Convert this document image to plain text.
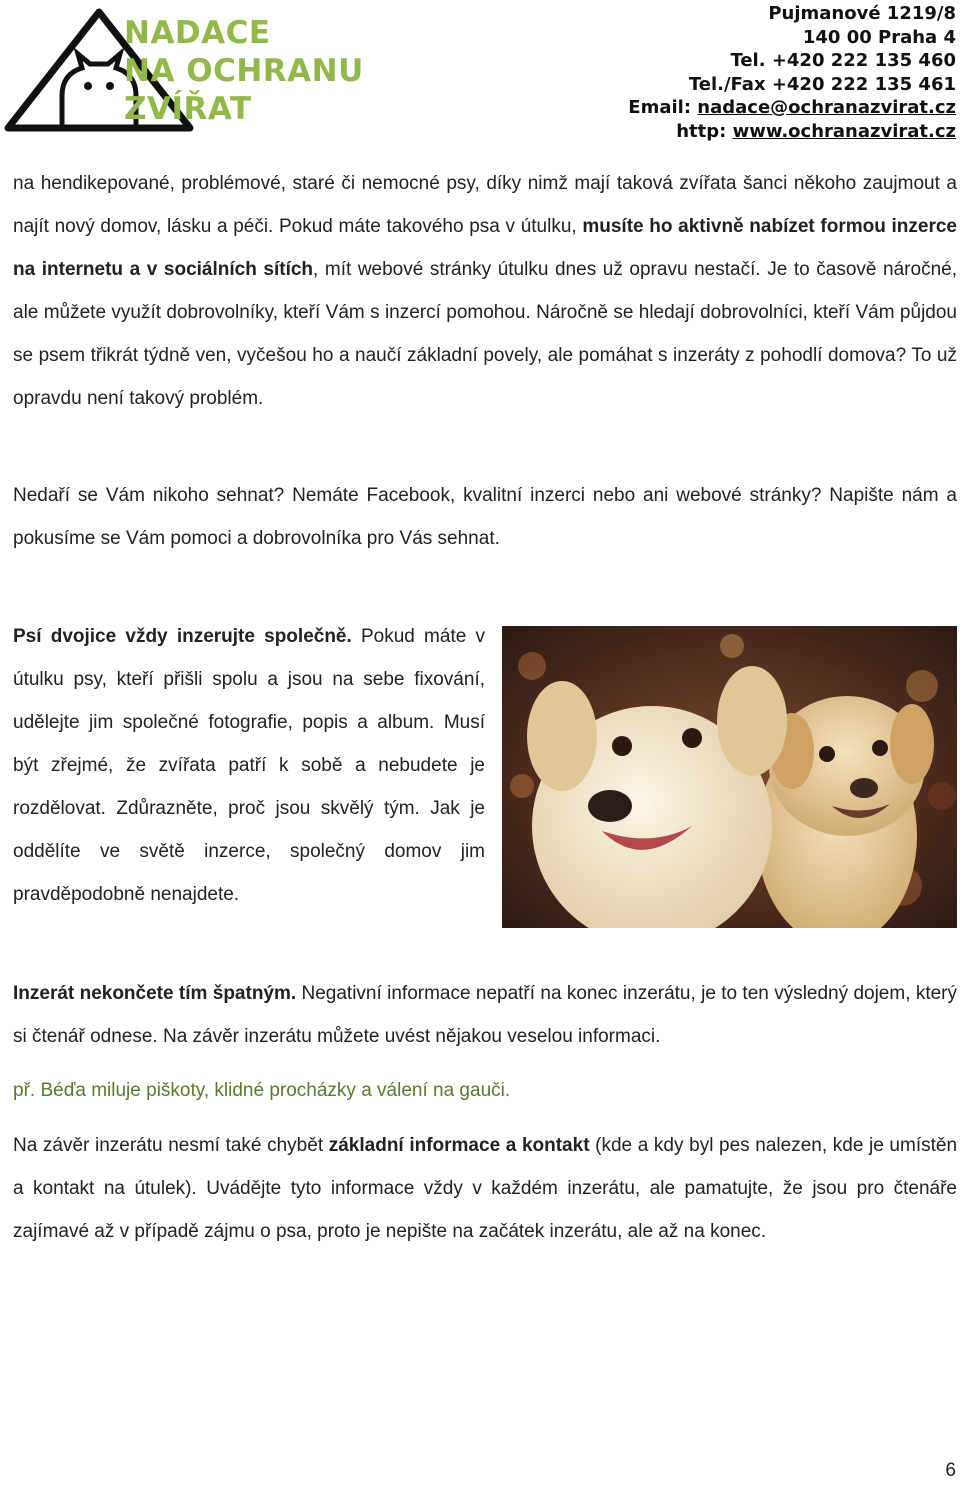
NADACE
NA OCHRANU
ZVÍŘAT
Pujmanové 1219/8
140 00 Praha 4
Tel. +420 222 135 460
Tel./Fax +420 222 135 461
Email: nadace@ochranazvirat.cz
http: www.ochranazvirat.cz

na hendikepované, problémové, staré či nemocné psy, díky nimž mají taková zvířata šanci někoho zaujmout a najít nový domov, lásku a péči. Pokud máte takového psa v útulku, musíte ho aktivně nabízet formou inzerce na internetu a v sociálních sítích, mít webové stránky útulku dnes už opravu nestačí. Je to časově náročné, ale můžete využít dobrovolníky, kteří Vám s inzercí pomohou. Náročně se hledají dobrovolníci, kteří Vám půjdou se psem třikrát týdně ven, vyčešou ho a naučí základní povely, ale pomáhat s inzeráty z pohodlí domova? To už opravdu není takový problém.

Nedaří se Vám nikoho sehnat? Nemáte Facebook, kvalitní inzerci nebo ani webové stránky? Napište nám a pokusíme se Vám pomoci a dobrovolníka pro Vás sehnat.

Psí dvojice vždy inzerujte společně. Pokud máte v útulku psy, kteří přišli spolu a jsou na sebe fixování, udělejte jim společné fotografie, popis a album. Musí být zřejmé, že zvířata patří k sobě a nebudete je rozdělovat. Zdůrazněte, proč jsou skvělý tým. Jak je oddělíte ve světě inzerce, společný domov jim pravděpodobně nenajdete.

Inzerát nekončete tím špatným. Negativní informace nepatří na konec inzerátu, je to ten výsledný dojem, který si čtenář odnese. Na závěr inzerátu můžete uvést nějakou veselou informaci.

př. Béďa miluje piškoty, klidné procházky a válení na gauči.

Na závěr inzerátu nesmí také chybět základní informace a kontakt (kde a kdy byl pes nalezen, kde je umístěn a kontakt na útulek). Uvádějte tyto informace vždy v každém inzerátu, ale pamatujte, že jsou pro čtenáře zajímavé až v případě zájmu o psa, proto je nepište na začátek inzerátu, ale až na konec.

6
